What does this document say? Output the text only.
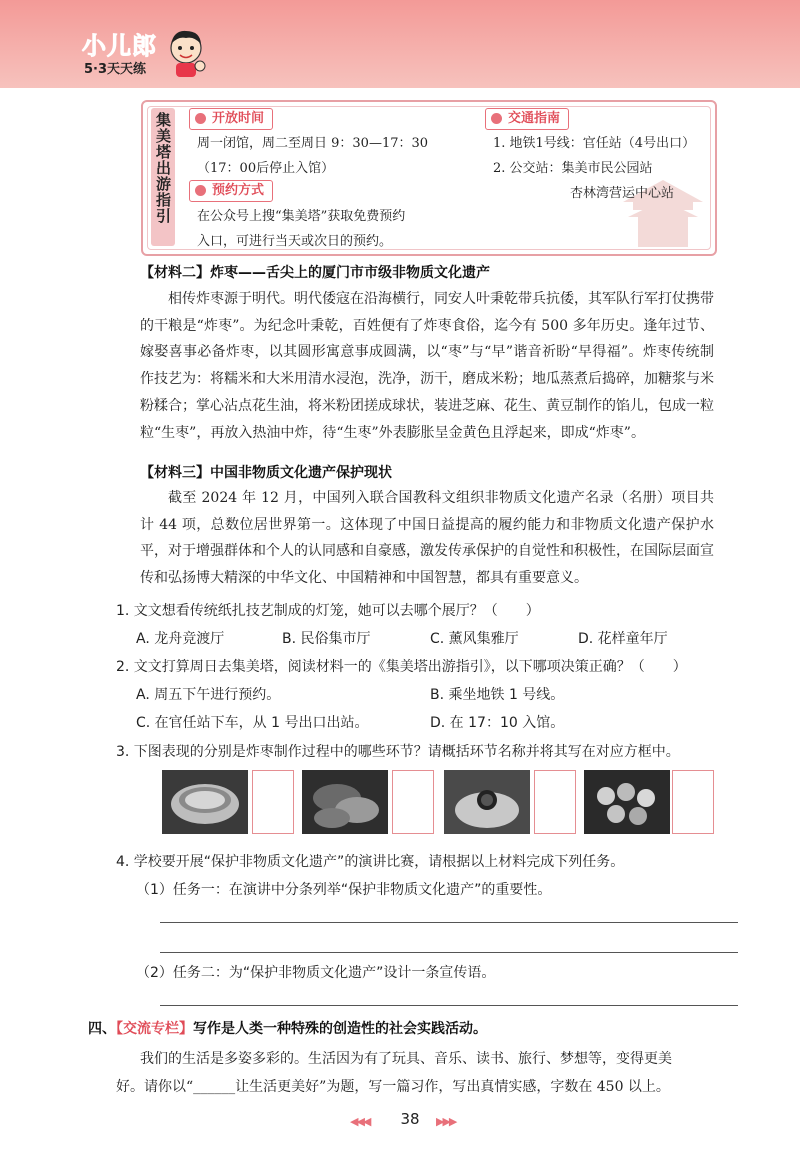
小儿郎
5·3天天练
集美塔出游指引	开放时间
周一闭馆，周二至周日 9：30—17：30
（17：00后停止入馆）
预约方式
在公众号上搜“集美塔”获取免费预约
入口，可进行当天或次日的预约。
交通指南
1. 地铁1号线：官任站（4号出口）
2. 公交站：集美市民公园站
杏林湾营运中心站
【材料二】炸枣——舌尖上的厦门市市级非物质文化遗产
相传炸枣源于明代。明代倭寇在沿海横行，同安人叶秉乾带兵抗倭，其军队行军打仗携带的干粮是“炸枣”。为纪念叶秉乾，百姓便有了炸枣食俗，迄今有 500 多年历史。逢年过节、嫁娶喜事必备炸枣，以其圆形寓意事成圆满，以“枣”与“早”谐音祈盼“早得福”。炸枣传统制作技艺为：将糯米和大米用清水浸泡，洗净，沥干，磨成米粉；地瓜蒸煮后捣碎，加糖浆与米粉糅合；掌心沾点花生油，将米粉团搓成球状，装进芝麻、花生、黄豆制作的馅儿，包成一粒粒“生枣”，再放入热油中炸，待“生枣”外表膨胀呈金黄色且浮起来，即成“炸枣”。
【材料三】中国非物质文化遗产保护现状
截至 2024 年 12 月，中国列入联合国教科文组织非物质文化遗产名录（名册）项目共计 44 项，总数位居世界第一。这体现了中国日益提高的履约能力和非物质文化遗产保护水平，对于增强群体和个人的认同感和自豪感，激发传承保护的自觉性和积极性，在国际层面宣传和弘扬博大精深的中华文化、中国精神和中国智慧，都具有重要意义。
1. 文文想看传统纸扎技艺制成的灯笼，她可以去哪个展厅？（　　）
A. 龙舟竞渡厅	B. 民俗集市厅	C. 薰风集雅厅	D. 花样童年厅
2. 文文打算周日去集美塔，阅读材料一的《集美塔出游指引》，以下哪项决策正确？（　　）
A. 周五下午进行预约。	B. 乘坐地铁 1 号线。
C. 在官任站下车，从 1 号出口出站。	D. 在 17：10 入馆。
3. 下图表现的分别是炸枣制作过程中的哪些环节？请概括环节名称并将其写在对应方框中。
4. 学校要开展“保护非物质文化遗产”的演讲比赛，请根据以上材料完成下列任务。
（1）任务一：在演讲中分条列举“保护非物质文化遗产”的重要性。
（2）任务二：为“保护非物质文化遗产”设计一条宣传语。
四、【交流专栏】写作是人类一种特殊的创造性的社会实践活动。
我们的生活是多姿多彩的。生活因为有了玩具、音乐、读书、旅行、梦想等，变得更美
好。请你以“______让生活更美好”为题，写一篇习作，写出真情实感，字数在 450 以上。
◀◀◀	38	▶▶▶
